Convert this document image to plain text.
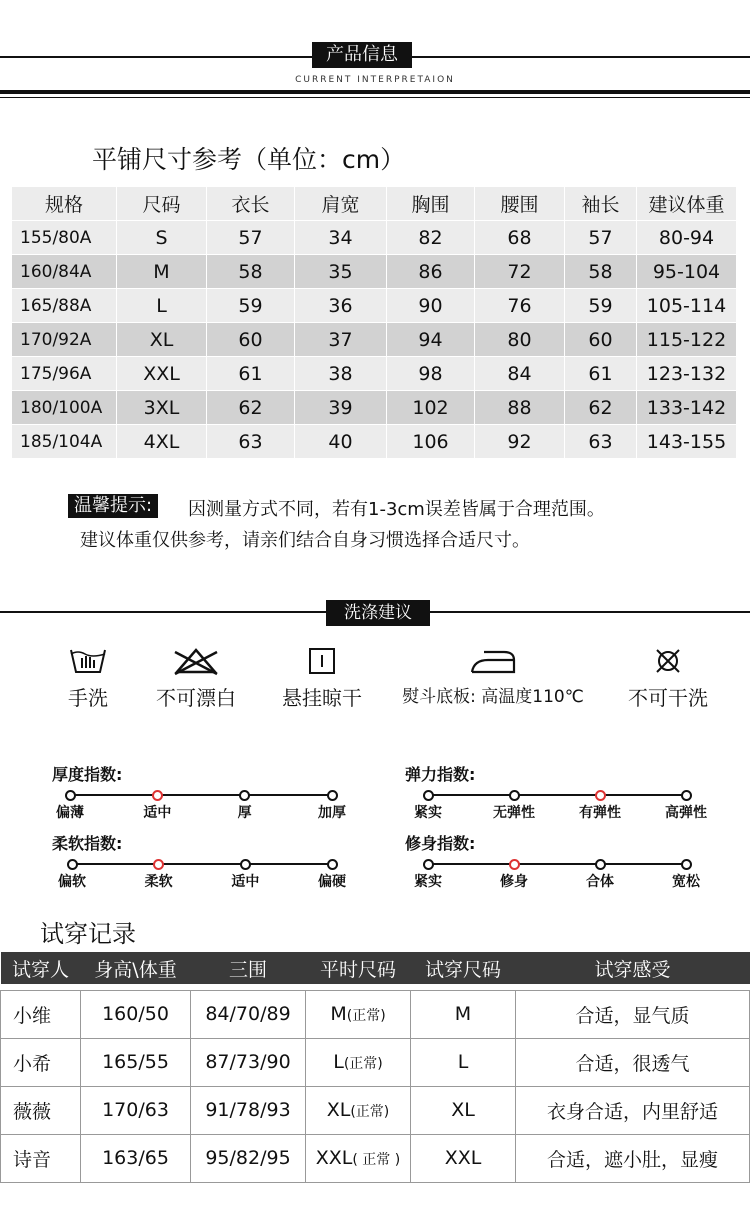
产品信息
CURRENT INTERPRETAION
平铺尺寸参考（单位：cm）
规格	尺码	衣长	肩宽	胸围	腰围	袖长	建议体重
155/80A	S	57	34	82	68	57	80-94
160/84A	M	58	35	86	72	58	95-104
165/88A	L	59	36	90	76	59	105-114
170/92A	XL	60	37	94	80	60	115-122
175/96A	XXL	61	38	98	84	61	123-132
180/100A	3XL	62	39	102	88	62	133-142
185/104A	4XL	63	40	106	92	63	143-155
温馨提示:	因测量方式不同，若有1-3cm误差皆属于合理范围。
建议体重仅供参考，请亲们结合自身习惯选择合适尺寸。
洗涤建议
手洗	不可漂白	悬挂晾干	熨斗底板: 高温度110℃	不可干洗
厚度指数:
偏薄	适中	厚	加厚
弹力指数:
紧实	无弹性	有弹性	高弹性
柔软指数:
偏软	柔软	适中	偏硬
修身指数:
紧实	修身	合体	宽松
试穿记录
试穿人	身高\体重	三围	平时尺码	试穿尺码	试穿感受

小维	160/50	84/70/89	M(正常)	M	合适，显气质
小希	165/55	87/73/90	L(正常)	L	合适，很透气
薇薇	170/63	91/78/93	XL(正常)	XL	衣身合适，内里舒适
诗音	163/65	95/82/95	XXL( 正常 )	XXL	合适，遮小肚，显瘦
